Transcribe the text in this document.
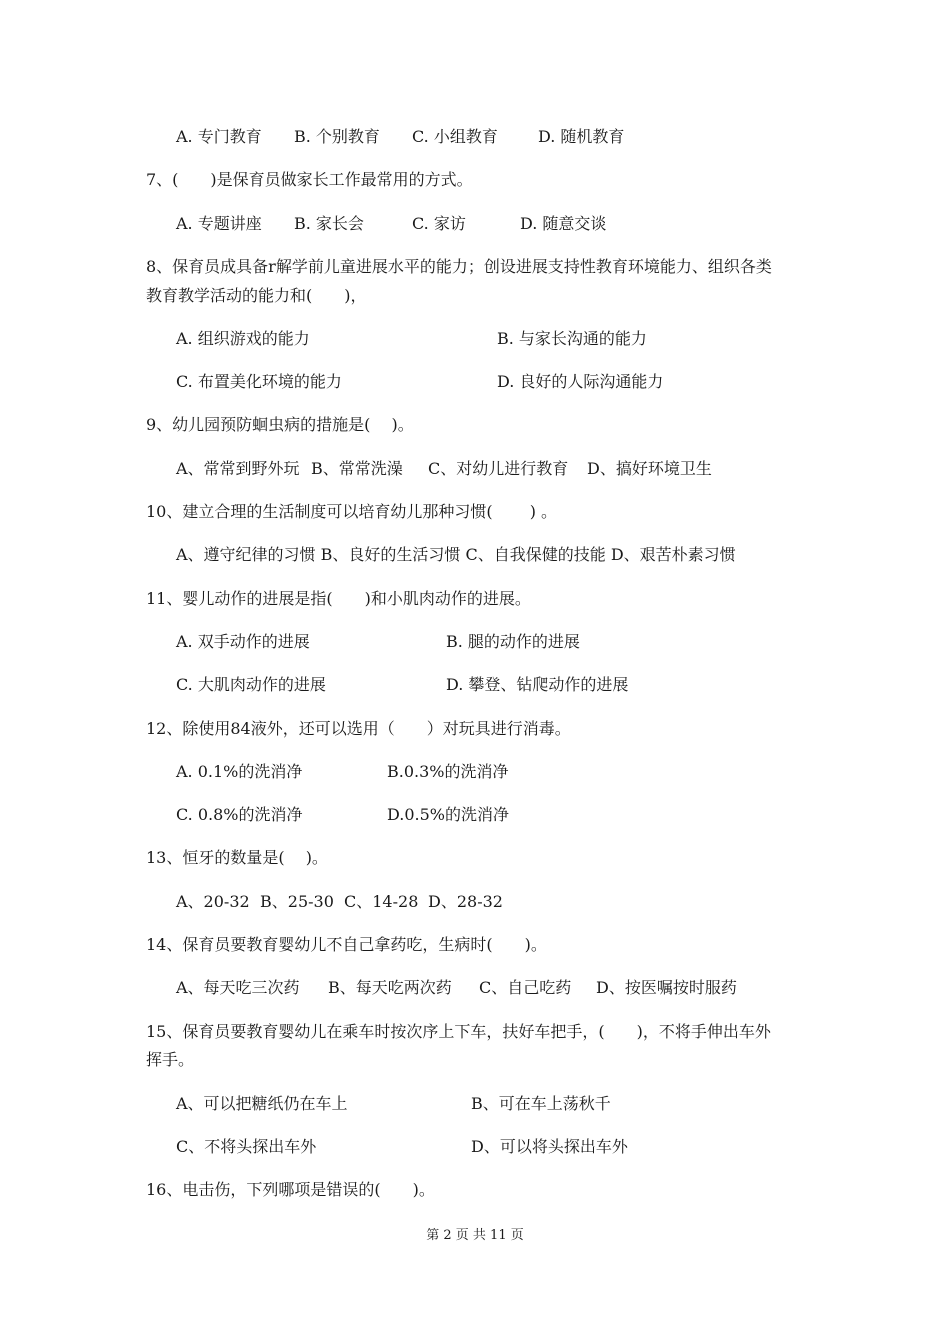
A. 专门教育 B. 个别教育 C. 小组教育	D. 随机教育
7、(　　)是保育员做家长工作最常用的方式。
A. 专题讲座 B. 家长会	C. 家访	D. 随意交谈
8、保育员成具备r解学前儿童进展水平的能力；创设进展支持性教育环境能力、组织各类
教育教学活动的能力和(　　)，
A. 组织游戏的能力	B. 与家长沟通的能力
C. 布置美化环境的能力	D. 良好的人际沟通能力
9、幼儿园预防蛔虫病的措施是(　 )。
A、常常到野外玩 B、常常洗澡 C、对幼儿进行教育 D、搞好环境卫生
10、建立合理的生活制度可以培育幼儿那种习惯(　　 ) 。
A、遵守纪律的习惯 B、良好的生活习惯 C、自我保健的技能 D、艰苦朴素习惯
11、婴儿动作的进展是指(　　)和小肌肉动作的进展。
A. 双手动作的进展	B. 腿的动作的进展
C. 大肌肉动作的进展	D. 攀登、钻爬动作的进展
12、除使用84液外，还可以选用（　　）对玩具进行消毒。
A. 0.1%的洗消净	B.0.3%的洗消净
C. 0.8%的洗消净	D.0.5%的洗消净
13、恒牙的数量是(　 )。
A、20-32 B、25-30 C、14-28 D、28-32
14、保育员要教育婴幼儿不自己拿药吃，生病时(　　)。
A、每天吃三次药 B、每天吃两次药 C、自己吃药 D、按医嘱按时服药
15、保育员要教育婴幼儿在乘车时按次序上下车，扶好车把手，(　　)，不将手伸出车外
挥手。
A、可以把糖纸仍在车上	B、可在车上荡秋千
C、不将头探出车外	D、可以将头探出车外
16、电击伤，下列哪项是错误的(　　)。
第 2 页 共 11 页
